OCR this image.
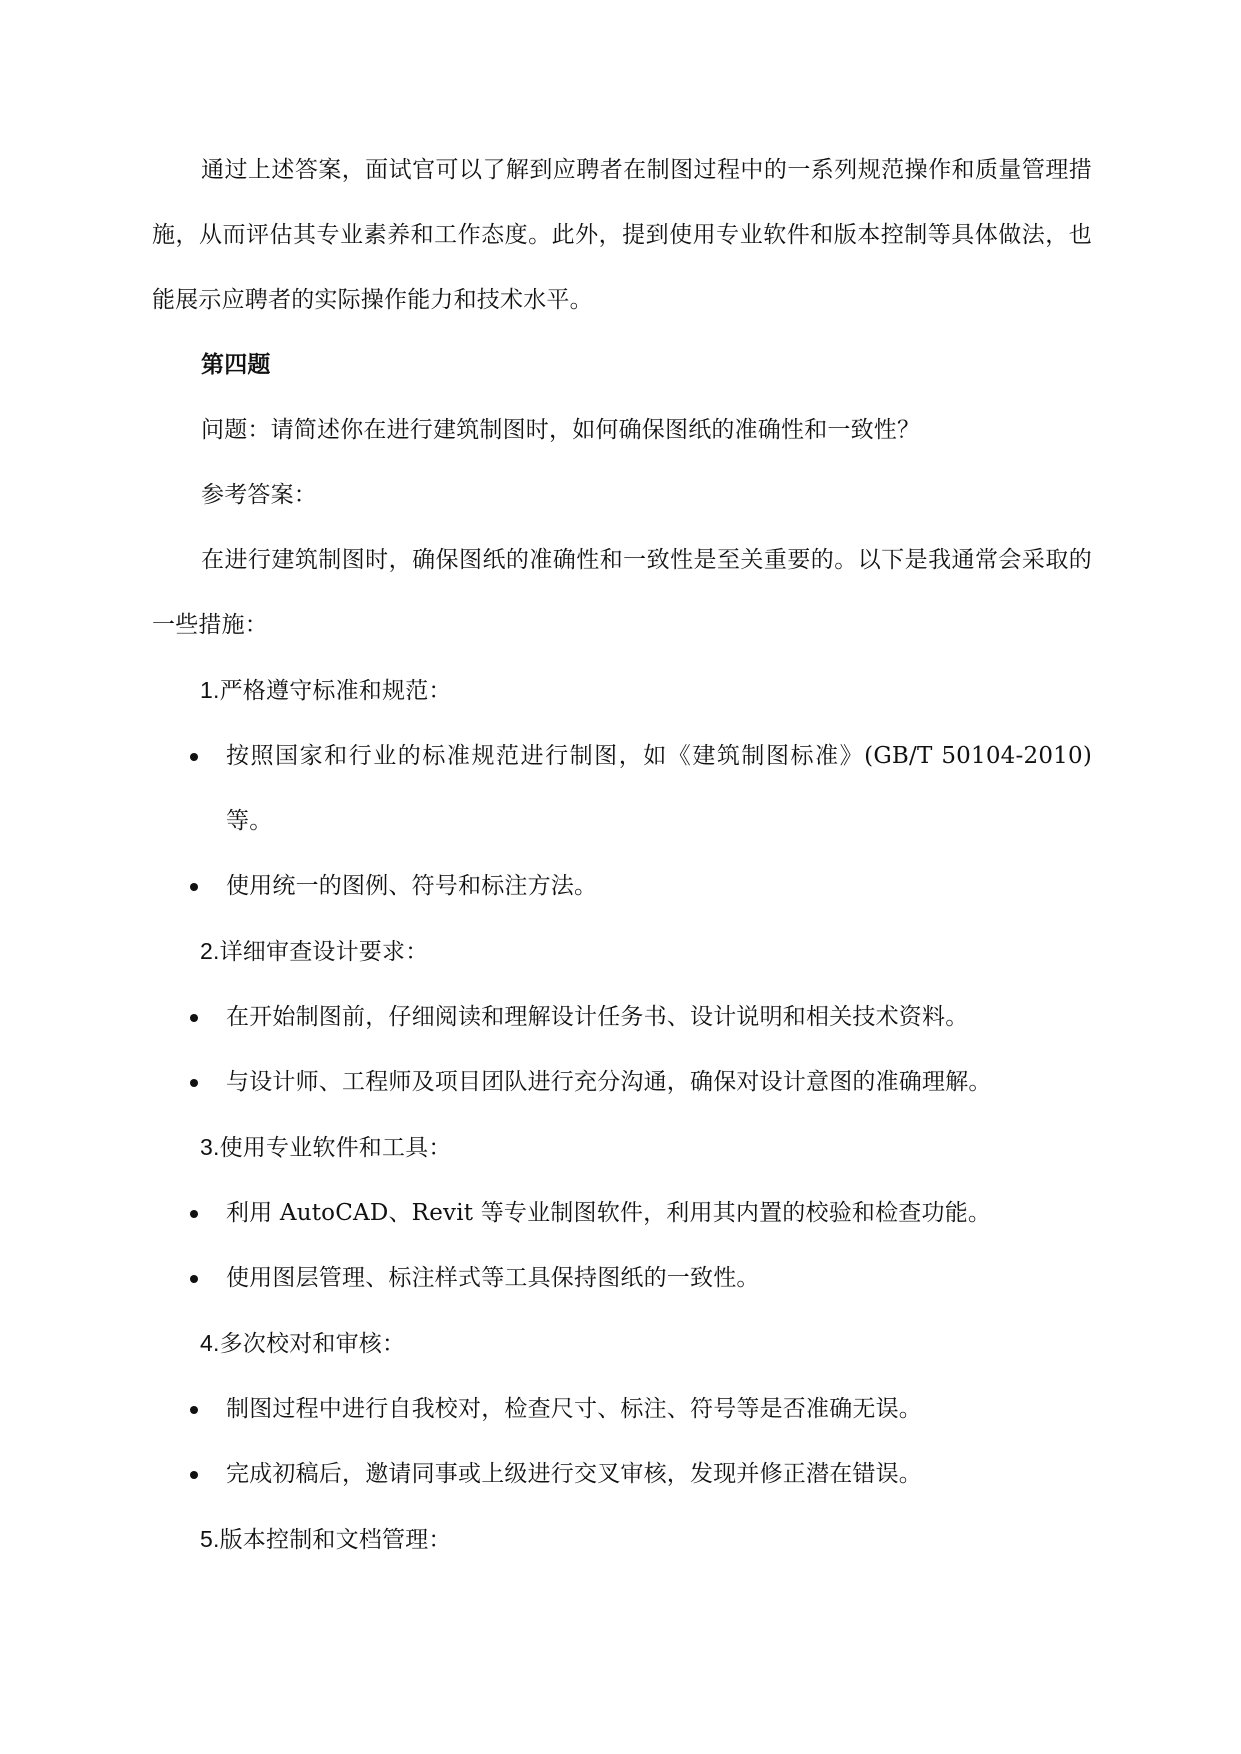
通过上述答案，面试官可以了解到应聘者在制图过程中的一系列规范操作和质量管理措施，从而评估其专业素养和工作态度。此外，提到使用专业软件和版本控制等具体做法，也能展示应聘者的实际操作能力和技术水平。

第四题

问题：请简述你在进行建筑制图时，如何确保图纸的准确性和一致性？

参考答案：

在进行建筑制图时，确保图纸的准确性和一致性是至关重要的。以下是我通常会采取的一些措施：

1.严格遵守标准和规范：

按照国家和行业的标准规范进行制图，如《建筑制图标准》(GB/T 50104-2010) 等。
使用统一的图例、符号和标注方法。

2.详细审查设计要求：

在开始制图前，仔细阅读和理解设计任务书、设计说明和相关技术资料。
与设计师、工程师及项目团队进行充分沟通，确保对设计意图的准确理解。

3.使用专业软件和工具：

利用 AutoCAD、Revit 等专业制图软件，利用其内置的校验和检查功能。
使用图层管理、标注样式等工具保持图纸的一致性。

4.多次校对和审核：

制图过程中进行自我校对，检查尺寸、标注、符号等是否准确无误。
完成初稿后，邀请同事或上级进行交叉审核，发现并修正潜在错误。

5.版本控制和文档管理：
